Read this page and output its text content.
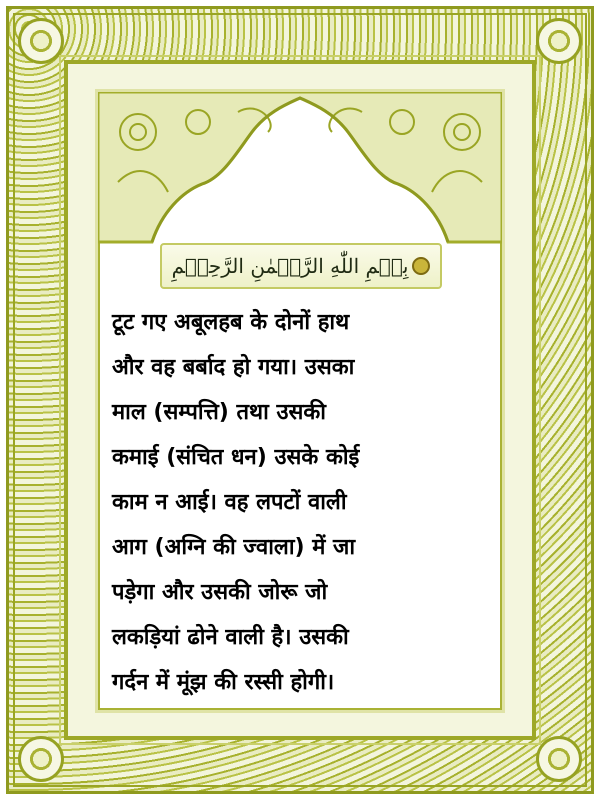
بِسۡمِ اللّٰهِ الرَّحۡمٰنِ الرَّحِيۡمِ
टूट गए अबूलहब के दोनों हाथ
और वह बर्बाद हो गया। उसका
माल (सम्पत्ति) तथा उसकी
कमाई (संचित धन) उसके कोई
काम न आई। वह लपटों वाली
आग (अग्नि की ज्वाला) में जा
पड़ेगा और उसकी जोरू जो
लकड़ियां ढोने वाली है। उसकी
गर्दन में मूंझ की रस्सी होगी।
